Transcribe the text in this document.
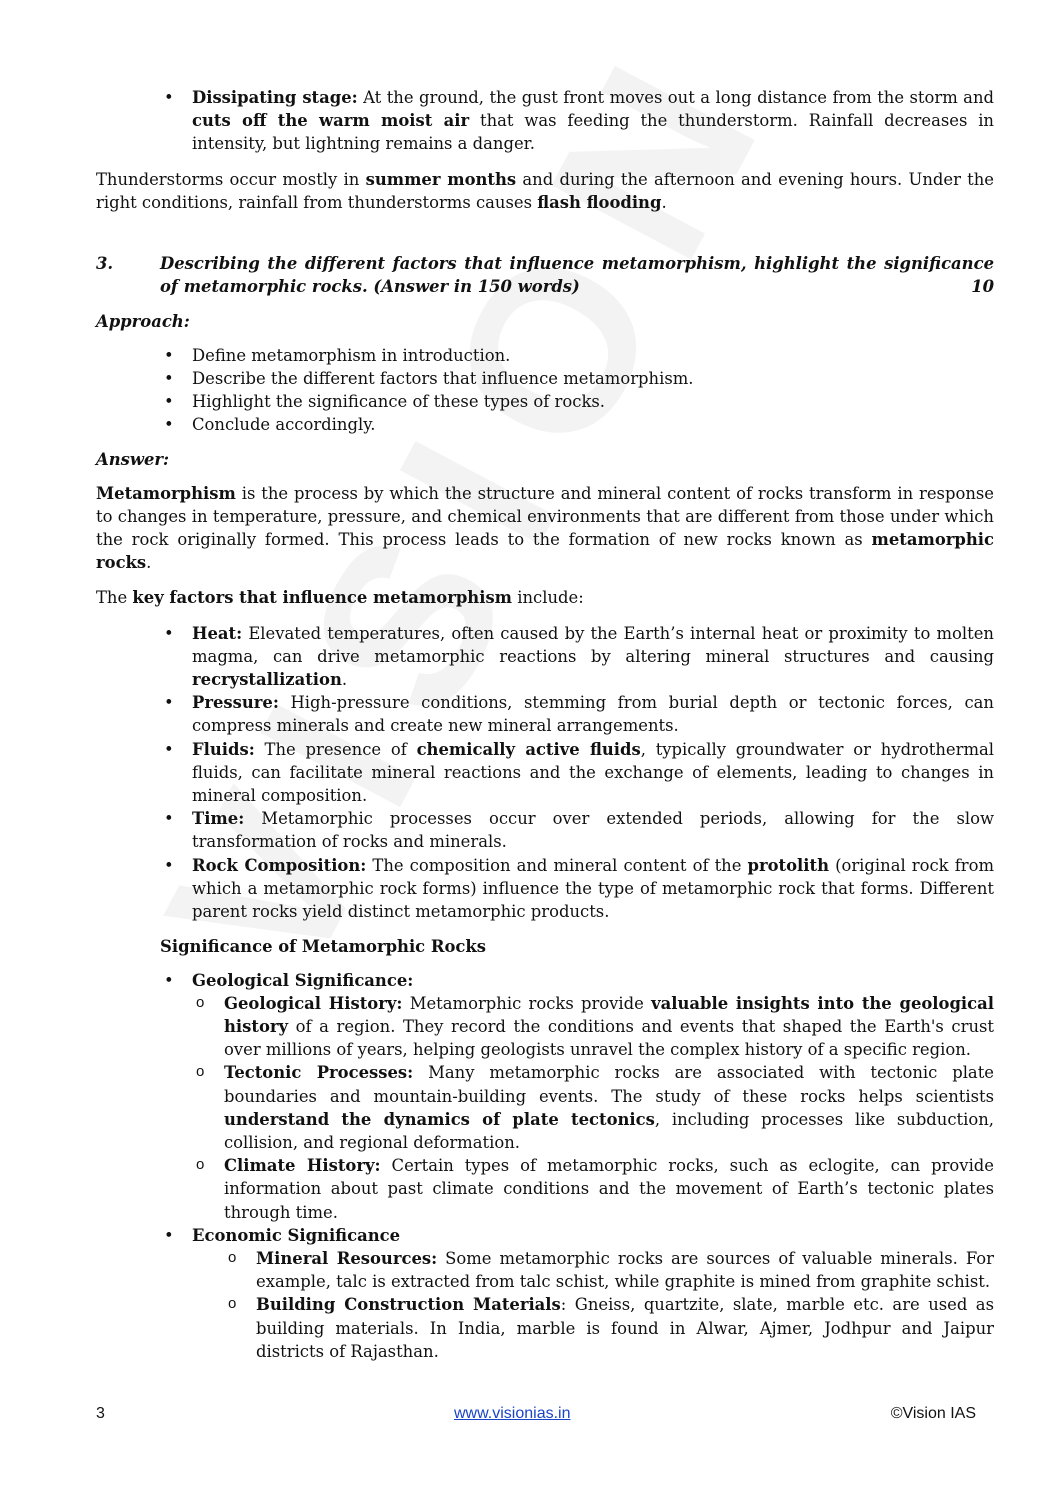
• Dissipating stage: At the ground, the gust front moves out a long distance from the storm and cuts off the warm moist air that was feeding the thunderstorm. Rainfall decreases in intensity, but lightning remains a danger.

Thunderstorms occur mostly in summer months and during the afternoon and evening hours. Under the right conditions, rainfall from thunderstorms causes flash flooding.

3.	Describing the different factors that influence metamorphism, highlight the significance of metamorphic rocks. (Answer in 150 words)	10
Approach:
• Define metamorphism in introduction.
• Describe the different factors that influence metamorphism.
• Highlight the significance of these types of rocks.
• Conclude accordingly.
Answer:

Metamorphism is the process by which the structure and mineral content of rocks transform in response to changes in temperature, pressure, and chemical environments that are different from those under which the rock originally formed. This process leads to the formation of new rocks known as metamorphic rocks.

The key factors that influence metamorphism include:

• Heat: Elevated temperatures, often caused by the Earth’s internal heat or proximity to molten magma, can drive metamorphic reactions by altering mineral structures and causing recrystallization.
• Pressure: High-pressure conditions, stemming from burial depth or tectonic forces, can compress minerals and create new mineral arrangements.
• Fluids: The presence of chemically active fluids, typically groundwater or hydrothermal fluids, can facilitate mineral reactions and the exchange of elements, leading to changes in mineral composition.
• Time: Metamorphic processes occur over extended periods, allowing for the slow transformation of rocks and minerals.
• Rock Composition: The composition and mineral content of the protolith (original rock from which a metamorphic rock forms) influence the type of metamorphic rock that forms. Different parent rocks yield distinct metamorphic products.
Significance of Metamorphic Rocks
• Geological Significance:
o Geological History: Metamorphic rocks provide valuable insights into the geological history of a region. They record the conditions and events that shaped the Earth's crust over millions of years, helping geologists unravel the complex history of a specific region.
o Tectonic Processes: Many metamorphic rocks are associated with tectonic plate boundaries and mountain-building events. The study of these rocks helps scientists understand the dynamics of plate tectonics, including processes like subduction, collision, and regional deformation.
o Climate History: Certain types of metamorphic rocks, such as eclogite, can provide information about past climate conditions and the movement of Earth’s tectonic plates through time.
• Economic Significance
o Mineral Resources: Some metamorphic rocks are sources of valuable minerals. For example, talc is extracted from talc schist, while graphite is mined from graphite schist.
o Building Construction Materials: Gneiss, quartzite, slate, marble etc. are used as building materials. In India, marble is found in Alwar, Ajmer, Jodhpur and Jaipur districts of Rajasthan.
3	www.visionias.in	©Vision IAS
